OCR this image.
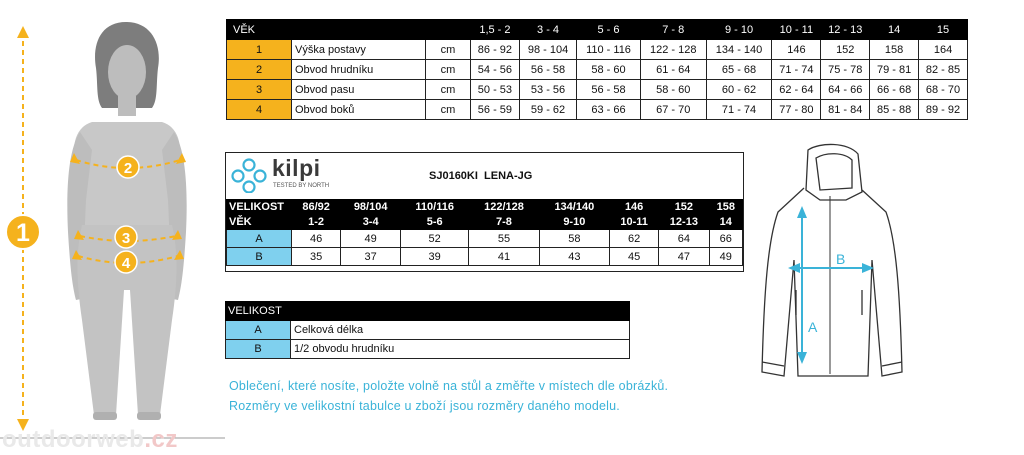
1
2
3
4
outdoorweb.cz
VĚK			1,5 - 2	3 - 4	5 - 6	7 - 8	9 - 10	10 - 11	12 - 13	14	15
1	Výška postavy	cm	86 - 92	98 - 104	110 - 116	122 - 128	134 - 140	146	152	158	164
2	Obvod hrudníku	cm	54 - 56	56 - 58	58 - 60	61 - 64	65 - 68	71 - 74	75 - 78	79 - 81	82 - 85
3	Obvod pasu	cm	50 - 53	53 - 56	56 - 58	58 - 60	60 - 62	62 - 64	64 - 66	66 - 68	68 - 70
4	Obvod boků	cm	56 - 59	59 - 62	63 - 66	67 - 70	71 - 74	77 - 80	81 - 84	85 - 88	89 - 92
kilpi
TESTED BY NORTH
SJ0160KI  LENA-JG
VELIKOST	86/92	98/104	110/116	122/128	134/140	146	152	158
VĚK	1-2	3-4	5-6	7-8	9-10	10-11	12-13	14
A	46	49	52	55	58	62	64	66
B	35	37	39	41	43	45	47	49
VELIKOST	
A	Celková délka
B	1/2 obvodu hrudníku
Oblečení, které nosíte, položte volně na stůl a změřte v místech dle obrázků.
Rozměry ve velikostní tabulce u zboží jsou rozměry daného modelu.
A
B
